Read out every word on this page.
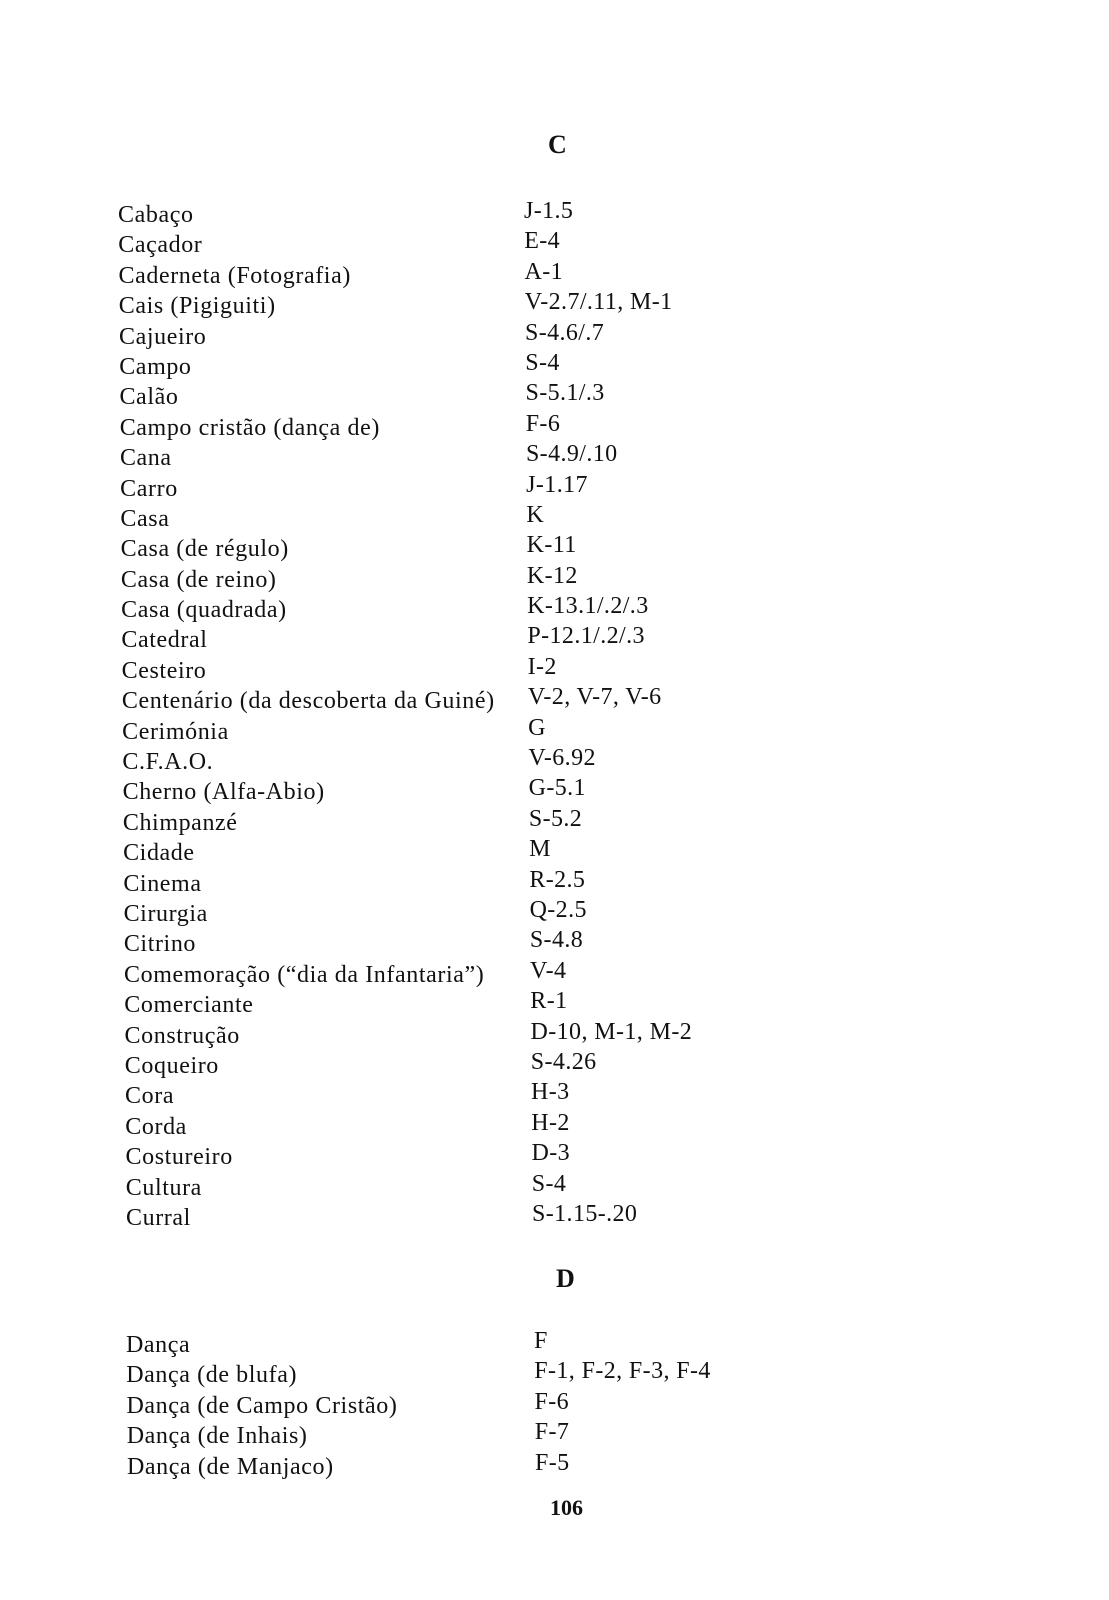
C
Cabaço	J-1.5
Caçador	E-4
Caderneta (Fotografia)	A-1
Cais (Pigiguiti)	V-2.7/.11, M-1
Cajueiro	S-4.6/.7
Campo	S-4
Calão	S-5.1/.3
Campo cristão (dança de)	F-6
Cana	S-4.9/.10
Carro	J-1.17
Casa	K
Casa (de régulo)	K-11
Casa (de reino)	K-12
Casa (quadrada)	K-13.1/.2/.3
Catedral	P-12.1/.2/.3
Cesteiro	I-2
Centenário (da descoberta da Guiné) V-2, V-7, V-6
Cerimónia	G
C.F.A.O.	V-6.92
Cherno (Alfa-Abio)	G-5.1
Chimpanzé	S-5.2
Cidade	M
Cinema	R-2.5
Cirurgia	Q-2.5
Citrino	S-4.8
Comemoração (“dia da Infantaria”) V-4
Comerciante	R-1
Construção	D-10, M-1, M-2
Coqueiro	S-4.26
Cora	H-3
Corda	H-2
Costureiro	D-3
Cultura	S-4
Curral	S-1.15-.20
D
Dança	F
Dança (de blufa)	F-1, F-2, F-3, F-4
Dança (de Campo Cristão)	F-6
Dança (de Inhais)	F-7
Dança (de Manjaco)	F-5
106
